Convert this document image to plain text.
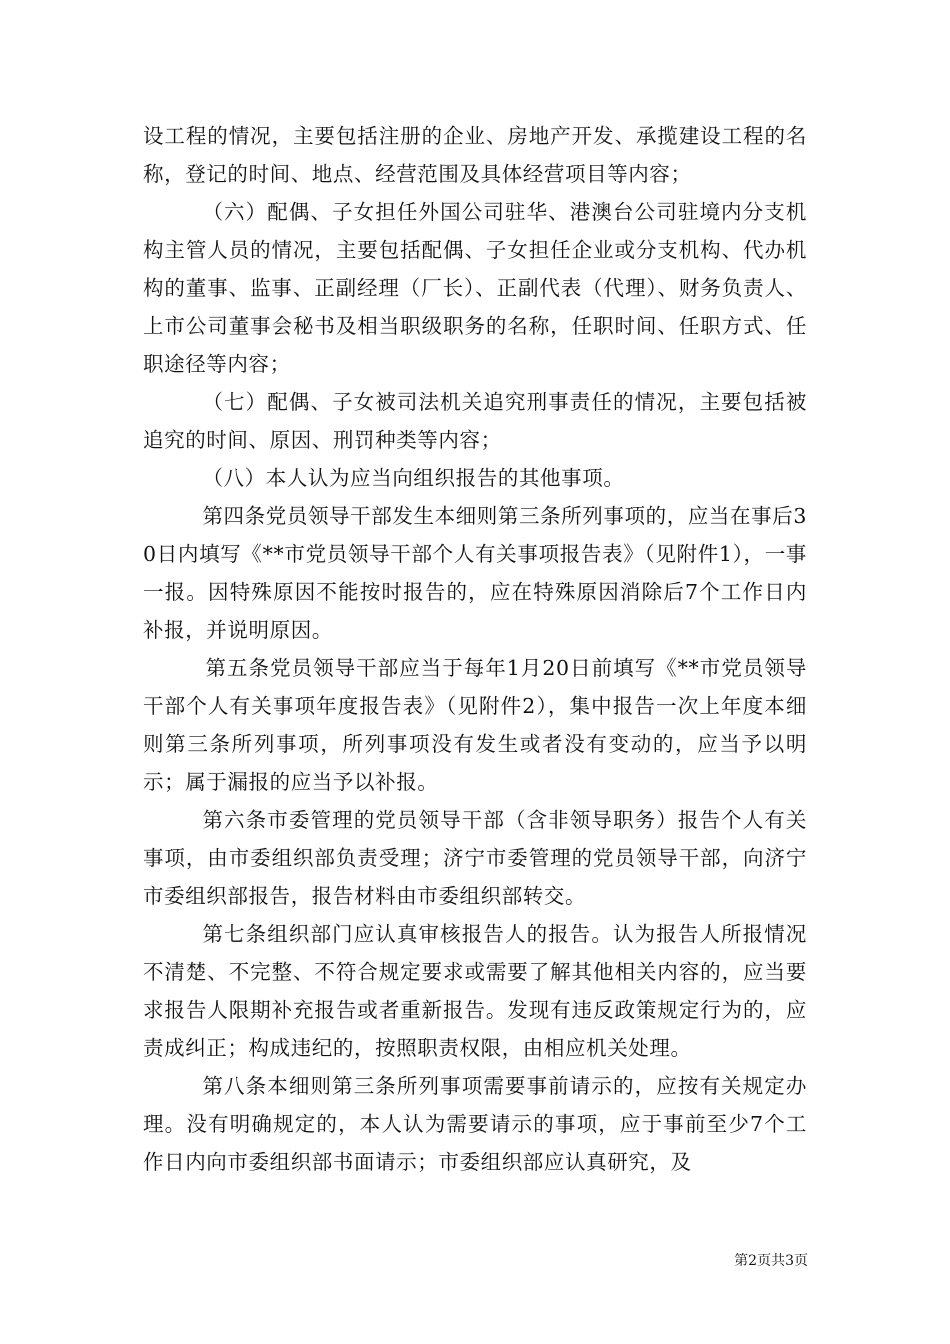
设工程的情况，主要包括注册的企业、房地产开发、承揽建设工程的名称，登记的时间、地点、经营范围及具体经营项目等内容；

（六）配偶、子女担任外国公司驻华、港澳台公司驻境内分支机构主管人员的情况，主要包括配偶、子女担任企业或分支机构、代办机构的董事、监事、正副经理（厂长）、正副代表（代理）、财务负责人、上市公司董事会秘书及相当职级职务的名称，任职时间、任职方式、任职途径等内容；

（七）配偶、子女被司法机关追究刑事责任的情况，主要包括被追究的时间、原因、刑罚种类等内容；

（八）本人认为应当向组织报告的其他事项。

第四条党员领导干部发生本细则第三条所列事项的，应当在事后30日内填写《**市党员领导干部个人有关事项报告表》（见附件1），一事一报。因特殊原因不能按时报告的，应在特殊原因消除后7个工作日内补报，并说明原因。

第五条党员领导干部应当于每年1月20日前填写《**市党员领导干部个人有关事项年度报告表》（见附件2），集中报告一次上年度本细则第三条所列事项，所列事项没有发生或者没有变动的，应当予以明示；属于漏报的应当予以补报。

第六条市委管理的党员领导干部（含非领导职务）报告个人有关事项，由市委组织部负责受理；济宁市委管理的党员领导干部，向济宁市委组织部报告，报告材料由市委组织部转交。

第七条组织部门应认真审核报告人的报告。认为报告人所报情况不清楚、不完整、不符合规定要求或需要了解其他相关内容的，应当要求报告人限期补充报告或者重新报告。发现有违反政策规定行为的，应责成纠正；构成违纪的，按照职责权限，由相应机关处理。

第八条本细则第三条所列事项需要事前请示的，应按有关规定办理。没有明确规定的，本人认为需要请示的事项，应于事前至少7个工作日内向市委组织部书面请示；市委组织部应认真研究，及

第2页共3页
